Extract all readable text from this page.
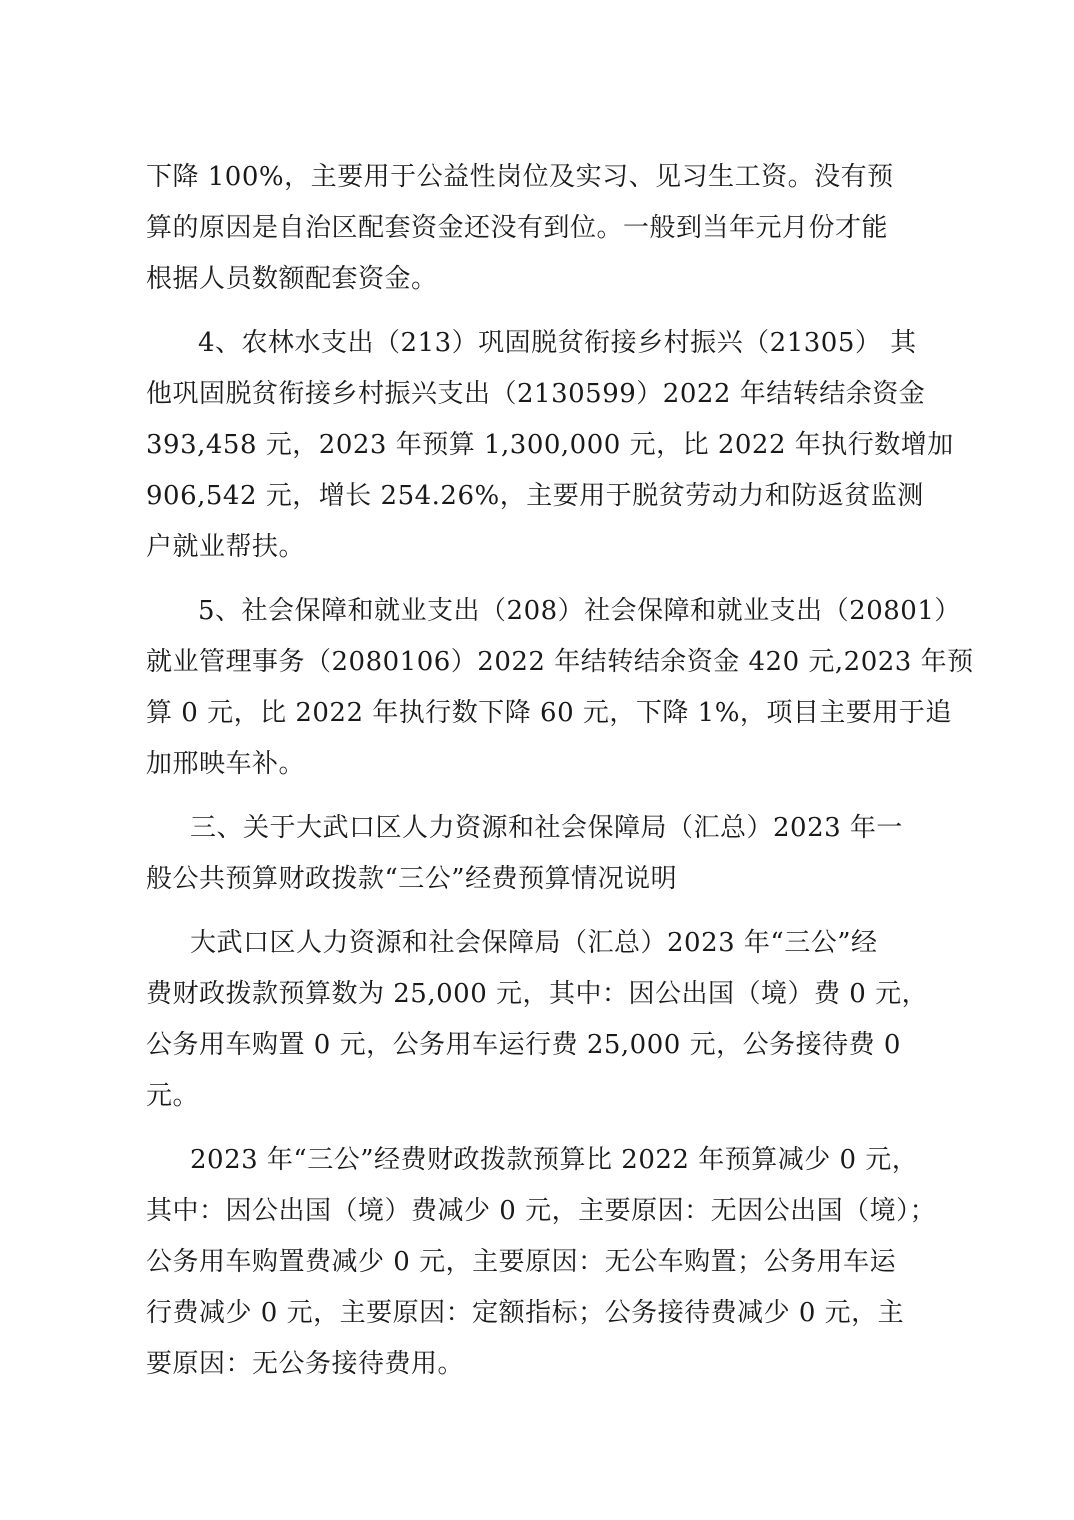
下降 100%，主要用于公益性岗位及实习、见习生工资。没有预
算的原因是自治区配套资金还没有到位。一般到当年元月份才能
根据人员数额配套资金。
4、农林水支出（213）巩固脱贫衔接乡村振兴（21305） 其
他巩固脱贫衔接乡村振兴支出（2130599）2022 年结转结余资金
393,458 元，2023 年预算 1,300,000 元，比 2022 年执行数增加
906,542 元，增长 254.26%，主要用于脱贫劳动力和防返贫监测
户就业帮扶。
5、社会保障和就业支出（208）社会保障和就业支出（20801）
就业管理事务（2080106）2022 年结转结余资金 420 元,2023 年预
算 0 元，比 2022 年执行数下降 60 元，下降 1%，项目主要用于追
加邢映车补。
三、关于大武口区人力资源和社会保障局（汇总）2023 年一
般公共预算财政拨款“三公”经费预算情况说明
大武口区人力资源和社会保障局（汇总）2023 年“三公”经
费财政拨款预算数为 25,000 元，其中：因公出国（境）费 0 元，
公务用车购置 0 元，公务用车运行费 25,000 元，公务接待费 0
元。
2023 年“三公”经费财政拨款预算比 2022 年预算减少 0 元，
其中：因公出国（境）费减少 0 元，主要原因：无因公出国（境）；
公务用车购置费减少 0 元，主要原因：无公车购置；公务用车运
行费减少 0 元，主要原因：定额指标；公务接待费减少 0 元，主
要原因：无公务接待费用。
